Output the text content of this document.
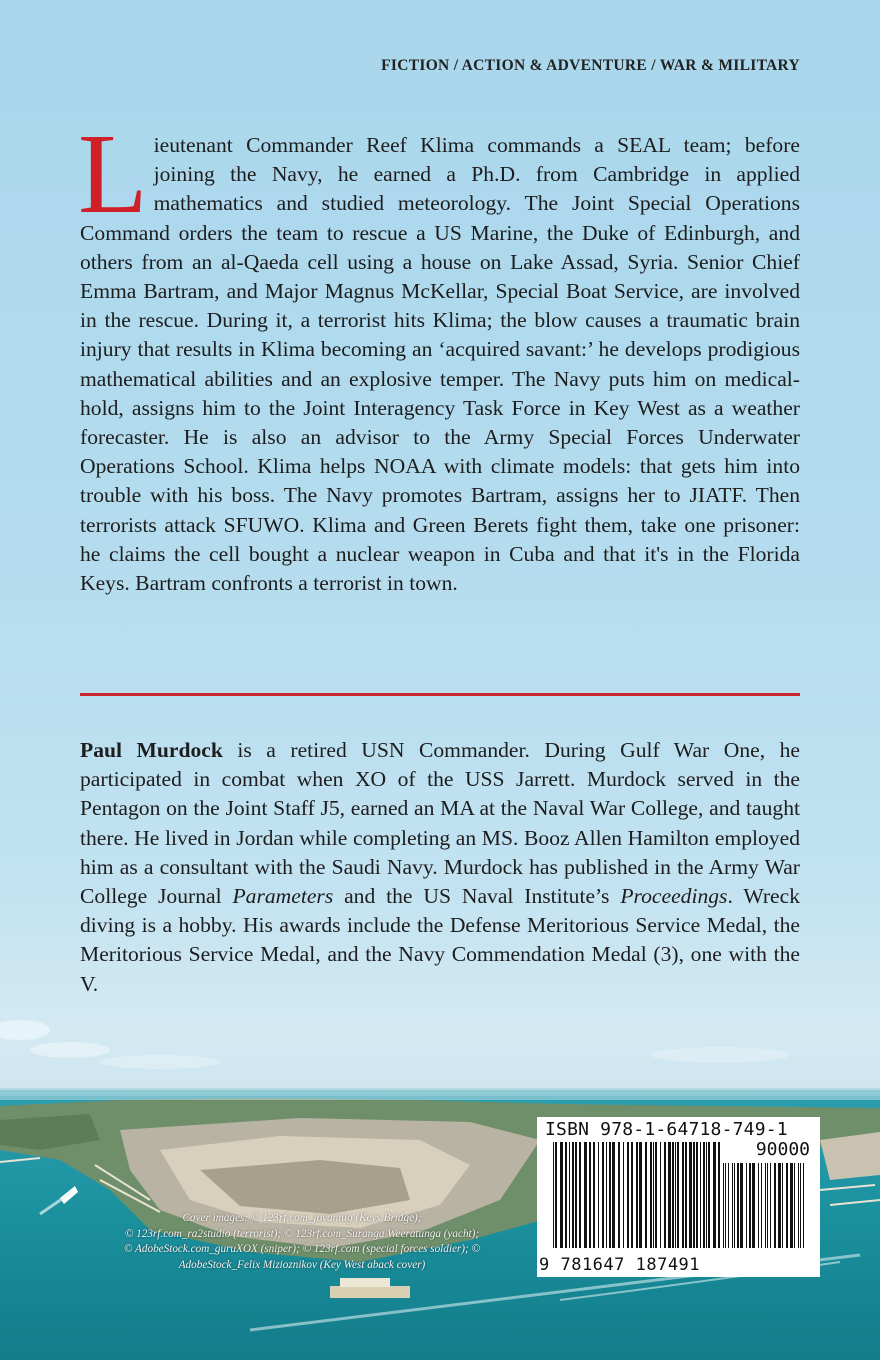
FICTION / ACTION & ADVENTURE / WAR & MILITARY

Lieutenant Commander Reef Klima commands a SEAL team; before joining the Navy, he earned a Ph.D. from Cambridge in applied mathematics and studied meteorology. The Joint Special Operations Command orders the team to rescue a US Marine, the Duke of Edinburgh, and others from an al-Qaeda cell using a house on Lake Assad, Syria. Senior Chief Emma Bartram, and Major Magnus McKellar, Special Boat Service, are involved in the rescue. During it, a terrorist hits Klima; the blow causes a traumatic brain injury that results in Klima becoming an ‘acquired savant:’ he develops prodigious mathematical abilities and an explosive temper. The Navy puts him on medical-hold, assigns him to the Joint Interagency Task Force in Key West as a weather forecaster. He is also an advisor to the Army Special Forces Underwater Operations School. Klima helps NOAA with climate models: that gets him into trouble with his boss. The Navy promotes Bartram, assigns her to JIATF. Then terrorists attack SFUWO. Klima and Green Berets fight them, take one prisoner: he claims the cell bought a nuclear weapon in Cuba and that it's in the Florida Keys. Bartram confronts a terrorist in town.

Paul Murdock is a retired USN Commander. During Gulf War One, he participated in combat when XO of the USS Jarrett. Murdock served in the Pentagon on the Joint Staff J5, earned an MA at the Naval War College, and taught there. He lived in Jordan while completing an MS. Booz Allen Hamilton employed him as a consultant with the Saudi Navy. Murdock has published in the Army War College Journal Parameters and the US Naval Institute’s Proceedings. Wreck diving is a hobby. His awards include the Defense Meritorious Service Medal, the Meritorious Service Medal, and the Navy Commendation Medal (3), one with the V.

Cover images: © 123rf.com_jovannig (Keys Bridge);
© 123rf.com_ra2studio (terrorist); © 123rf.com_Suranga Weeratunga (yacht);
© AdobeStock.com_guruXOX (sniper); © 123rf.com (special forces soldier); ©
AdobeStock_Felix Mizioznikov (Key West aback cover)
ISBN 978-1-64718-749-1
90000
9 781647 187491
